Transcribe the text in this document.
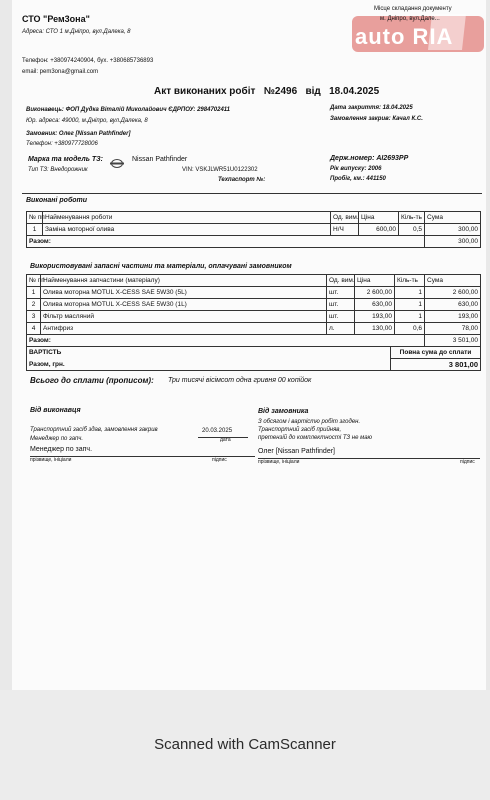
СТО "Рем3она"
Адреса: СТО 1 м.Дніпро, вул.Далека, 8
Телефон: +380974240904, бух. +380685736893
email: pem3ona@gmail.com
Місце складання документу
м. Дніпро, вул.Дале...
auto RIA
Акт виконаних робіт №2496 від 18.04.2025
Виконавець: ФОП Дудка Віталій Миколайович ЄДРПОУ: 2984702411
Юр. адреса: 49000, м.Дніпро, вул.Далека, 8
Дата закриття: 18.04.2025
Замовлення закрив: Качал К.С.
Замовник: Олег [Nissan Pathfinder]
Телефон: +380977728006
Марка та модель ТЗ:	Nissan Pathfinder
Тип ТЗ: Внедорожник	VIN: VSKJLWR51U0122302
Техпаспорт №:
Держ.номер: АІ2693РР
Рік випуску: 2006
Пробіг, км.: 441150
Виконані роботи
№ пп	Найменування роботи	Од. вим.	Ціна	Кіль-ть	Сума
1	Заміна моторної олива	Н/Ч	600,00	0,5	300,00
Разом:					300,00
Використовувані запасні частини та матеріали, оплачувані замовником
№ пп	Найменування запчастини (матеріалу)	Од. вим.	Ціна	Кіль-ть	Сума
1	Оливa моторна MOTUL X-CESS SAE 5W30 (5L)	шт.	2 600,00	1	2 600,00
2	Оливa моторна MOTUL X-CESS SAE 5W30 (1L)	шт.	630,00	1	630,00
3	Фільтр масляний	шт.	193,00	1	193,00
4	Антифриз	л.	130,00	0,6	78,00
Разом:					3 501,00
ВАРТІСТЬ	Повна сума до сплати
Разом, грн.	3 801,00
Всього до сплати (прописом): Три тисячі вісімсот одна гривня 00 копійок
Від виконавця
Транспортний засіб здав, замовлення закрив
Менеджер по запч.
20.03.2025
дата
Менеджер по запч.
прізвище, ініціали	підпис
Від замовника
З обсягом і вартістю робіт згоден.
Транспортний засіб прийняв,
претензій до комплектності ТЗ не маю
Олег [Nissan Pathfinder]
прізвище, ініціали	підпис
Scanned with CamScanner
